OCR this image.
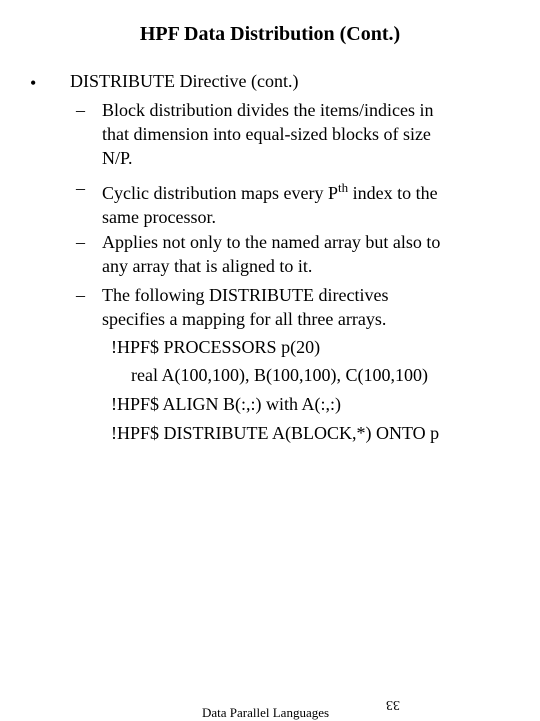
HPF Data Distribution (Cont.)
• DISTRIBUTE Directive (cont.)
– Block distribution divides the items/indices in
that dimension into equal-sized blocks of size
N/P.
– Cyclic distribution maps every $P^{th}$ index to the
same processor.
– Applies not only to the named array but also to
any array that is aligned to it.
– The following DISTRIBUTE directives
specifies a mapping for all three arrays.
!HPF$ PROCESSORS p(20)
real A(100,100), B(100,100), C(100,100)
!HPF$ ALIGN B(:,:) with A(:,:)
!HPF$ DISTRIBUTE A(BLOCK,*) ONTO p
Data Parallel Languages
33
